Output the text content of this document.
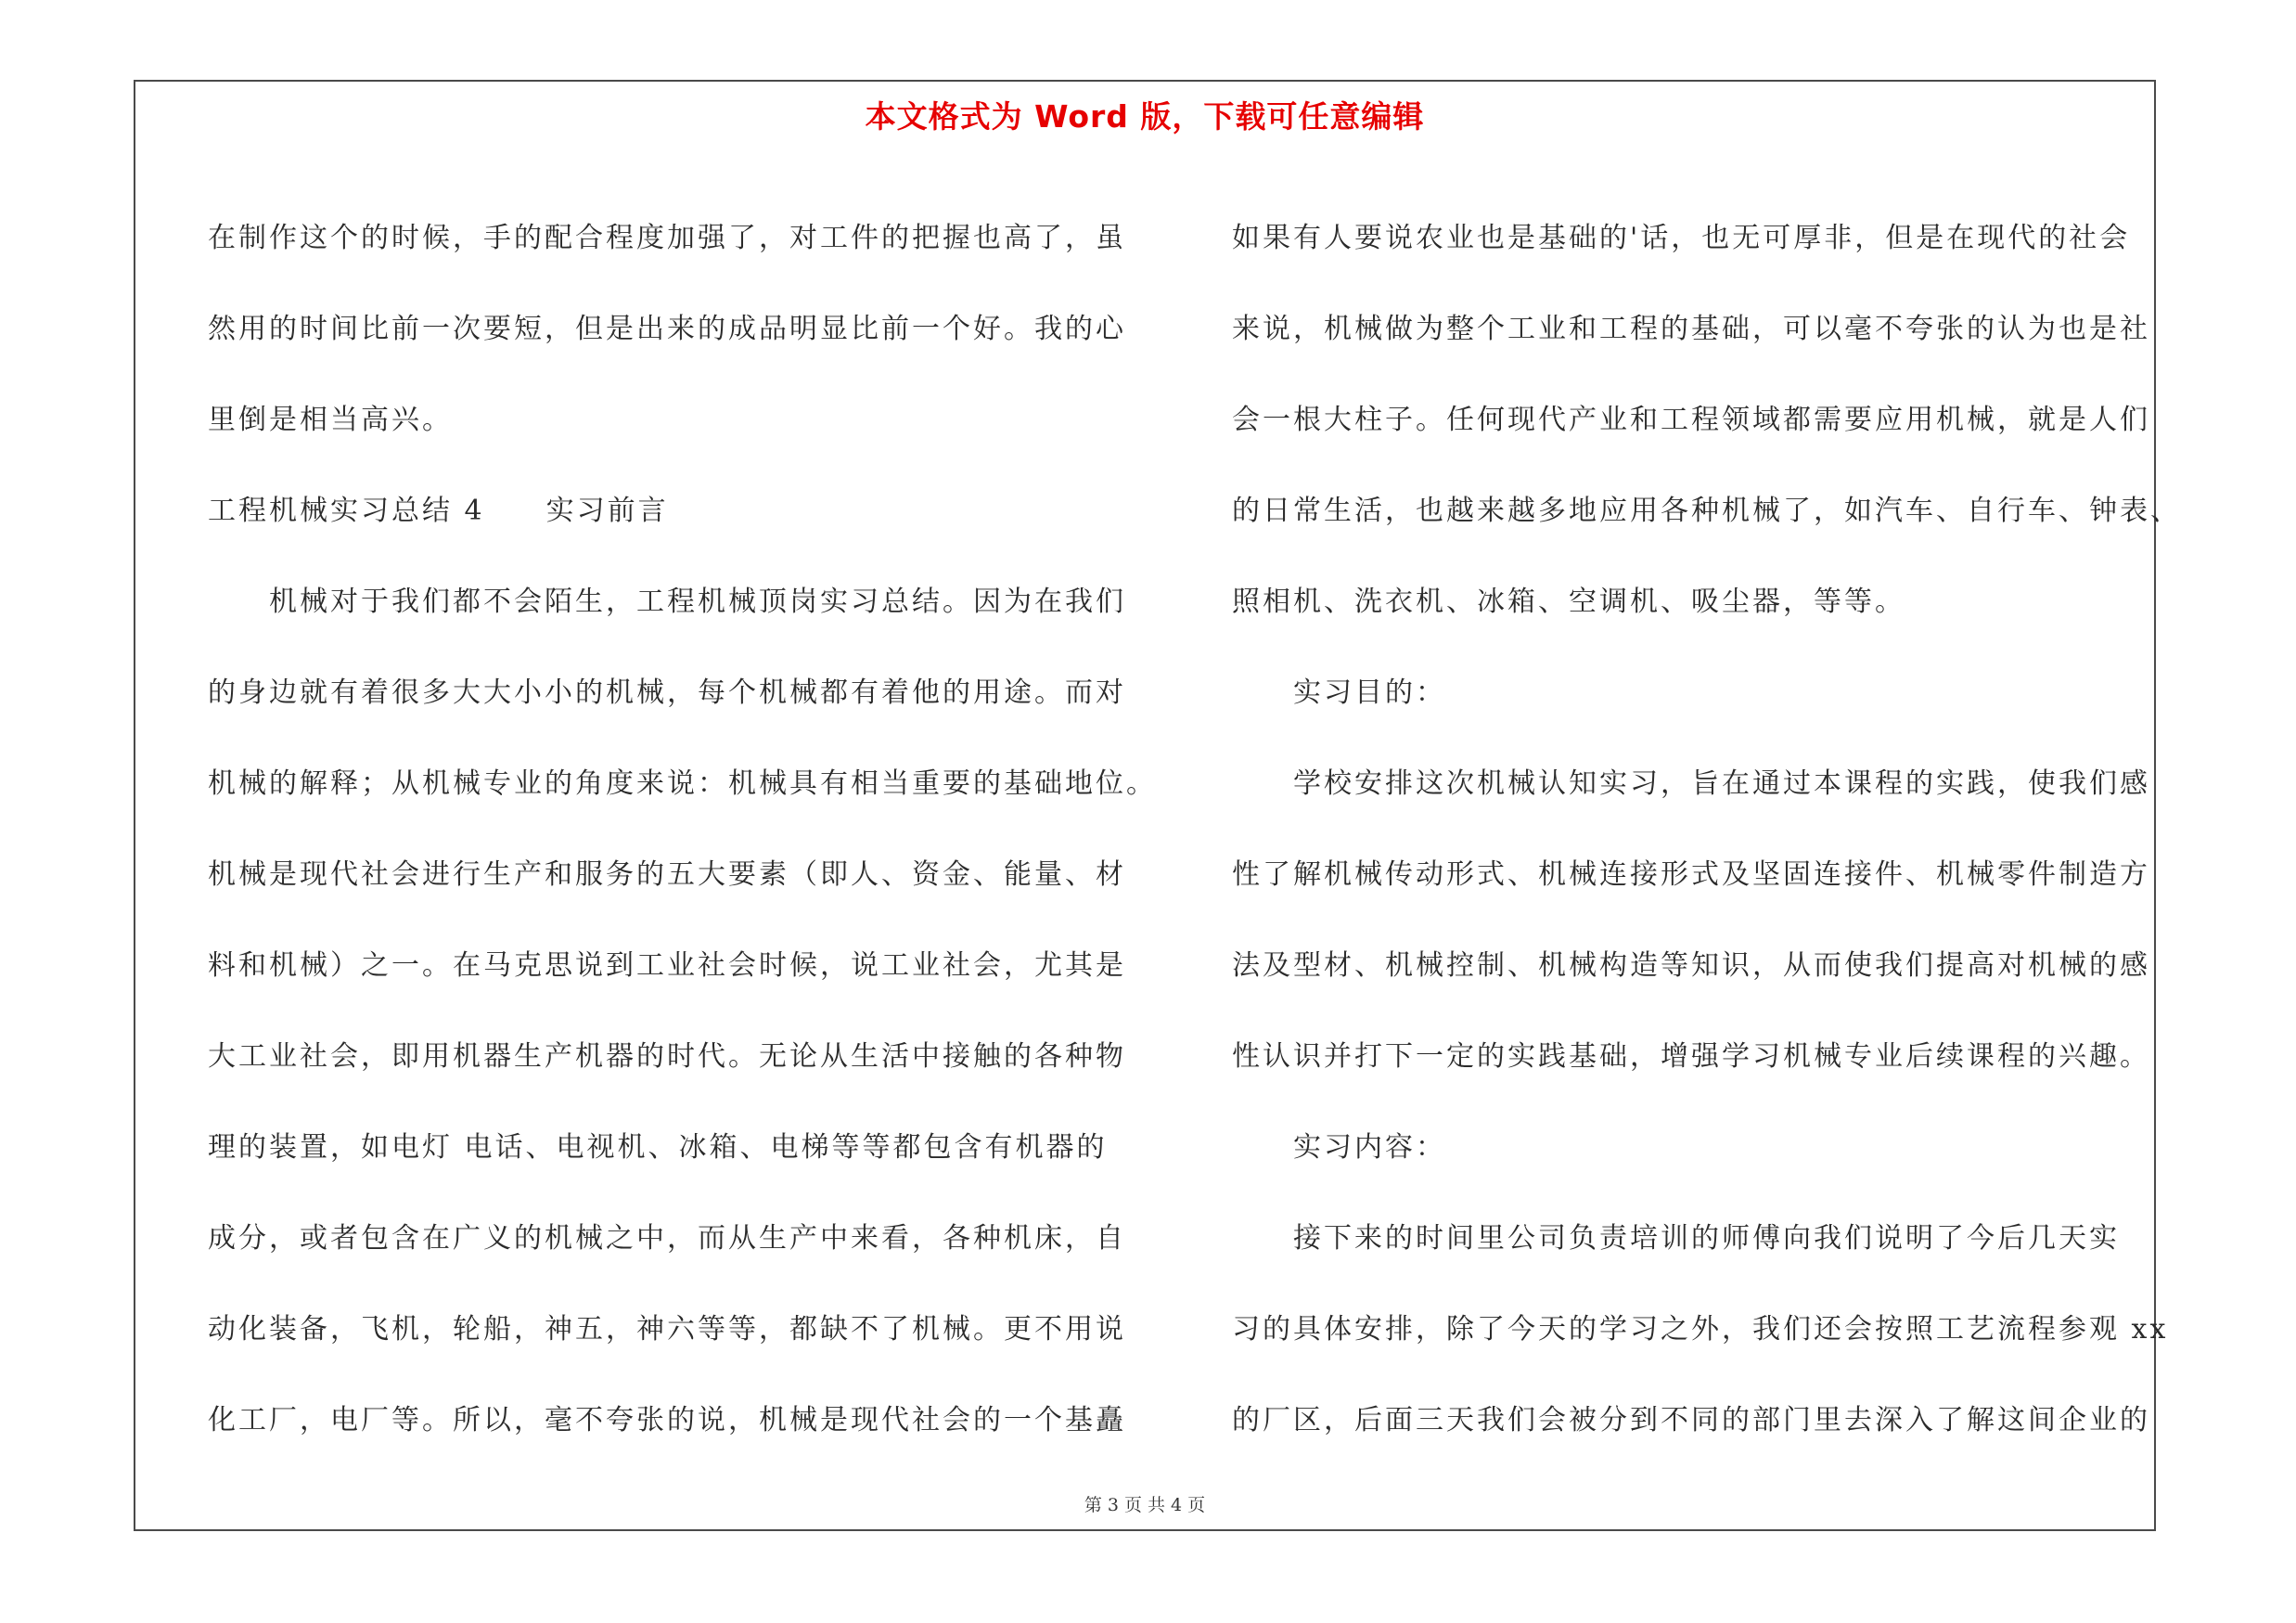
本文格式为 Word 版，下载可任意编辑
在制作这个的时候，手的配合程度加强了，对工件的把握也高了，虽
然用的时间比前一次要短，但是出来的成品明显比前一个好。我的心
里倒是相当高兴。
工程机械实习总结 4　　实习前言
机械对于我们都不会陌生，工程机械顶岗实习总结。因为在我们
的身边就有着很多大大小小的机械，每个机械都有着他的用途。而对
机械的解释；从机械专业的角度来说：机械具有相当重要的基础地位。
机械是现代社会进行生产和服务的五大要素（即人、资金、能量、材
料和机械）之一。在马克思说到工业社会时候，说工业社会，尤其是
大工业社会，即用机器生产机器的时代。无论从生活中接触的各种物
理的装置，如电灯 电话、电视机、冰箱、电梯等等都包含有机器的
成分，或者包含在广义的机械之中，而从生产中来看，各种机床，自
动化装备，飞机，轮船，神五，神六等等，都缺不了机械。更不用说
化工厂，电厂等。所以，毫不夸张的说，机械是现代社会的一个基矗
如果有人要说农业也是基础的'话，也无可厚非，但是在现代的社会
来说，机械做为整个工业和工程的基础，可以毫不夸张的认为也是社
会一根大柱子。任何现代产业和工程领域都需要应用机械，就是人们
的日常生活，也越来越多地应用各种机械了，如汽车、自行车、钟表、
照相机、洗衣机、冰箱、空调机、吸尘器，等等。
实习目的：
学校安排这次机械认知实习，旨在通过本课程的实践，使我们感
性了解机械传动形式、机械连接形式及坚固连接件、机械零件制造方
法及型材、机械控制、机械构造等知识，从而使我们提高对机械的感
性认识并打下一定的实践基础，增强学习机械专业后续课程的兴趣。
实习内容：
接下来的时间里公司负责培训的师傅向我们说明了今后几天实
习的具体安排，除了今天的学习之外，我们还会按照工艺流程参观 xx
的厂区，后面三天我们会被分到不同的部门里去深入了解这间企业的
第 3 页 共 4 页
